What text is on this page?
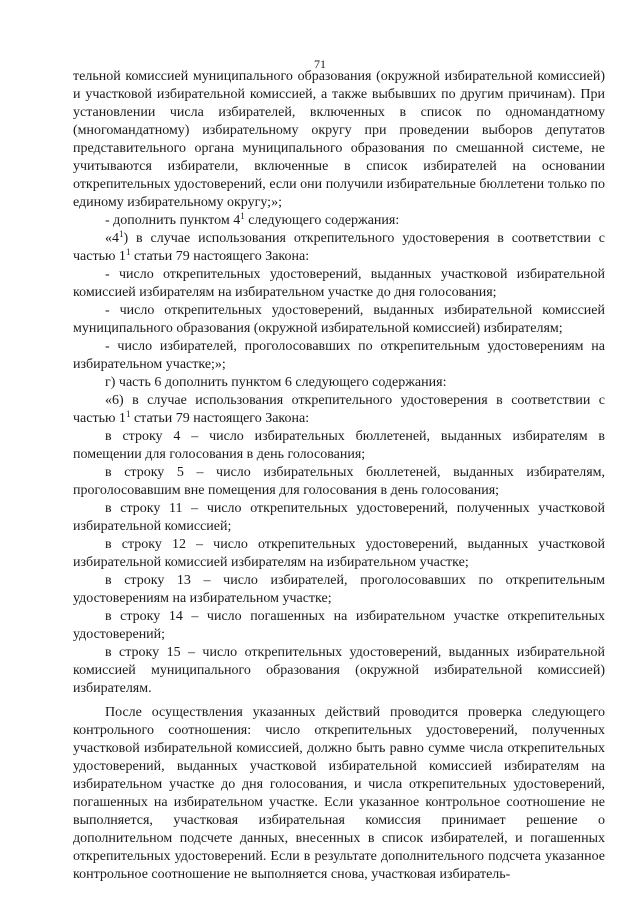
71

тельной комиссией муниципального образования (окружной избирательной комиссией) и участковой избирательной комиссией, а также выбывших по другим причинам). При установлении числа избирателей, включенных в список по одномандатному (многомандатному) избирательному округу при проведении выборов депутатов представительного органа муниципального образования по смешанной системе, не учитываются избиратели, включенные в список избирателей на основании открепительных удостоверений, если они получили избирательные бюллетени только по единому избирательному округу;»;

- дополнить пунктом $4^1$ следующего содержания:

«$4^1$) в случае использования открепительного удостоверения в соответствии с частью $1^1$ статьи 79 настоящего Закона:

- число открепительных удостоверений, выданных участковой избирательной комиссией избирателям на избирательном участке до дня голосования;

- число открепительных удостоверений, выданных избирательной комиссией муниципального образования (окружной избирательной комиссией) избирателям;

- число избирателей, проголосовавших по открепительным удостоверениям на избирательном участке;»;

г) часть 6 дополнить пунктом 6 следующего содержания:

«6) в случае использования открепительного удостоверения в соответствии с частью $1^1$ статьи 79 настоящего Закона:

в строку 4 – число избирательных бюллетеней, выданных избирателям в помещении для голосования в день голосования;

в строку 5 – число избирательных бюллетеней, выданных избирателям, проголосовавшим вне помещения для голосования в день голосования;

в строку 11 – число открепительных удостоверений, полученных участковой избирательной комиссией;

в строку 12 – число открепительных удостоверений, выданных участковой избирательной комиссией избирателям на избирательном участке;

в строку 13 – число избирателей, проголосовавших по открепительным удостоверениям на избирательном участке;

в строку 14 – число погашенных на избирательном участке открепительных удостоверений;

в строку 15 – число открепительных удостоверений, выданных избирательной комиссией муниципального образования (окружной избирательной комиссией) избирателям.

После осуществления указанных действий проводится проверка следующего контрольного соотношения: число открепительных удостоверений, полученных участковой избирательной комиссией, должно быть равно сумме числа открепительных удостоверений, выданных участковой избирательной комиссией избирателям на избирательном участке до дня голосования, и числа открепительных удостоверений, погашенных на избирательном участке. Если указанное контрольное соотношение не выполняется, участковая избирательная комиссия принимает решение о дополнительном подсчете данных, внесенных в список избирателей, и погашенных открепительных удостоверений. Если в результате дополнительного подсчета указанное контрольное соотношение не выполняется снова, участковая избиратель-
